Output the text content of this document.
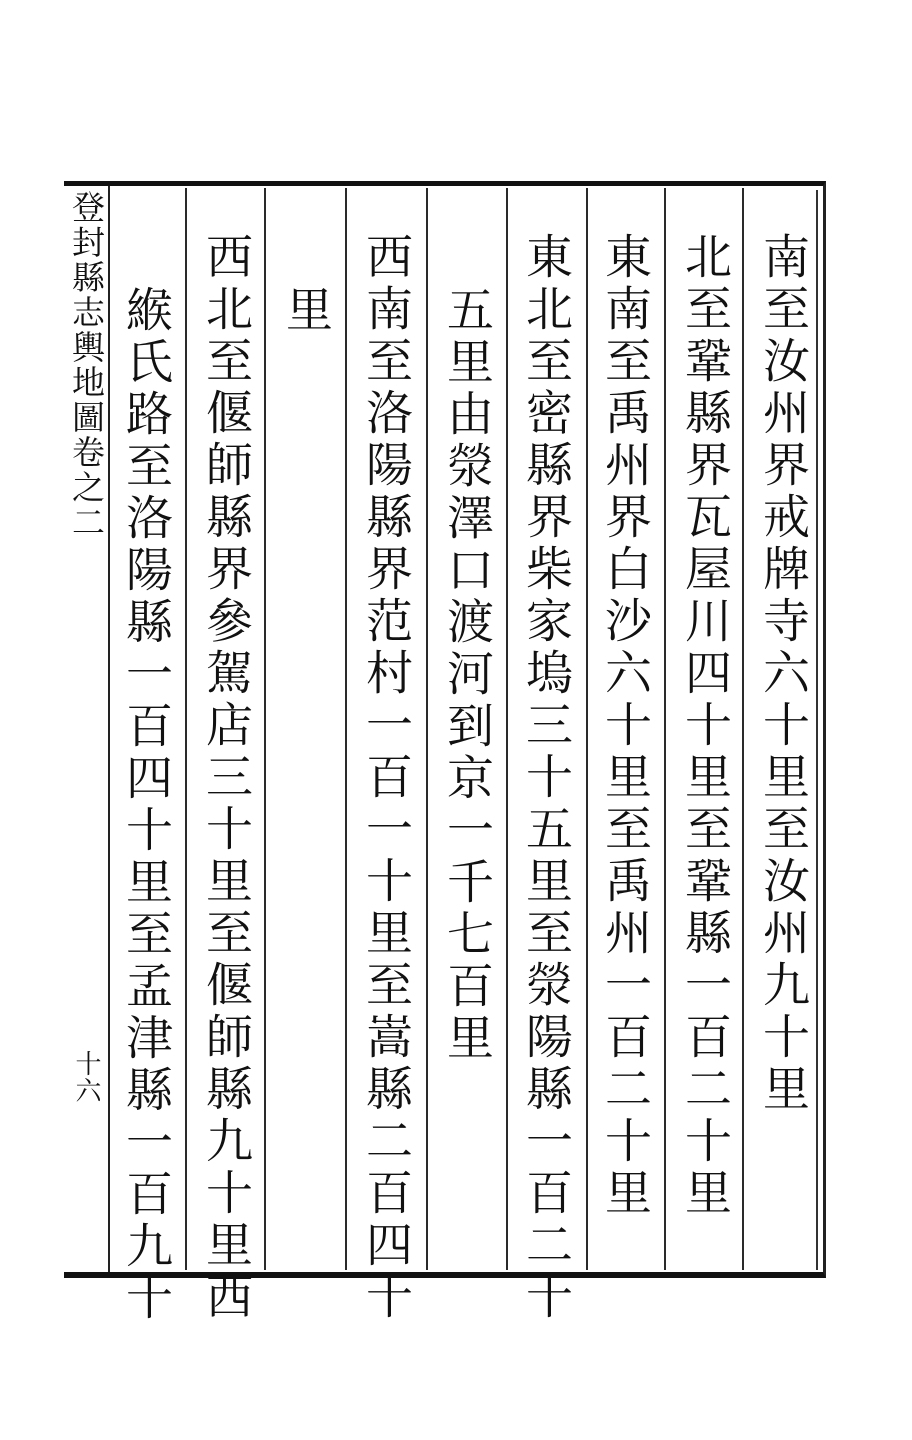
登封縣志輿地圖卷之二
十六	南至汝州界戒牌寺六十里至汝州九十里
北至鞏縣界瓦屋川四十里至鞏縣一百二十里
東南至禹州界白沙六十里至禹州一百二十里
東北至密縣界柴家塢三十五里至滎陽縣一百二十
五里由滎澤口渡河到京一千七百里
西南至洛陽縣界范村一百一十里至嵩縣二百四十
里
西北至偃師縣界參駕店三十里至偃師縣九十里西
緱氏路至洛陽縣一百四十里至孟津縣一百九十
